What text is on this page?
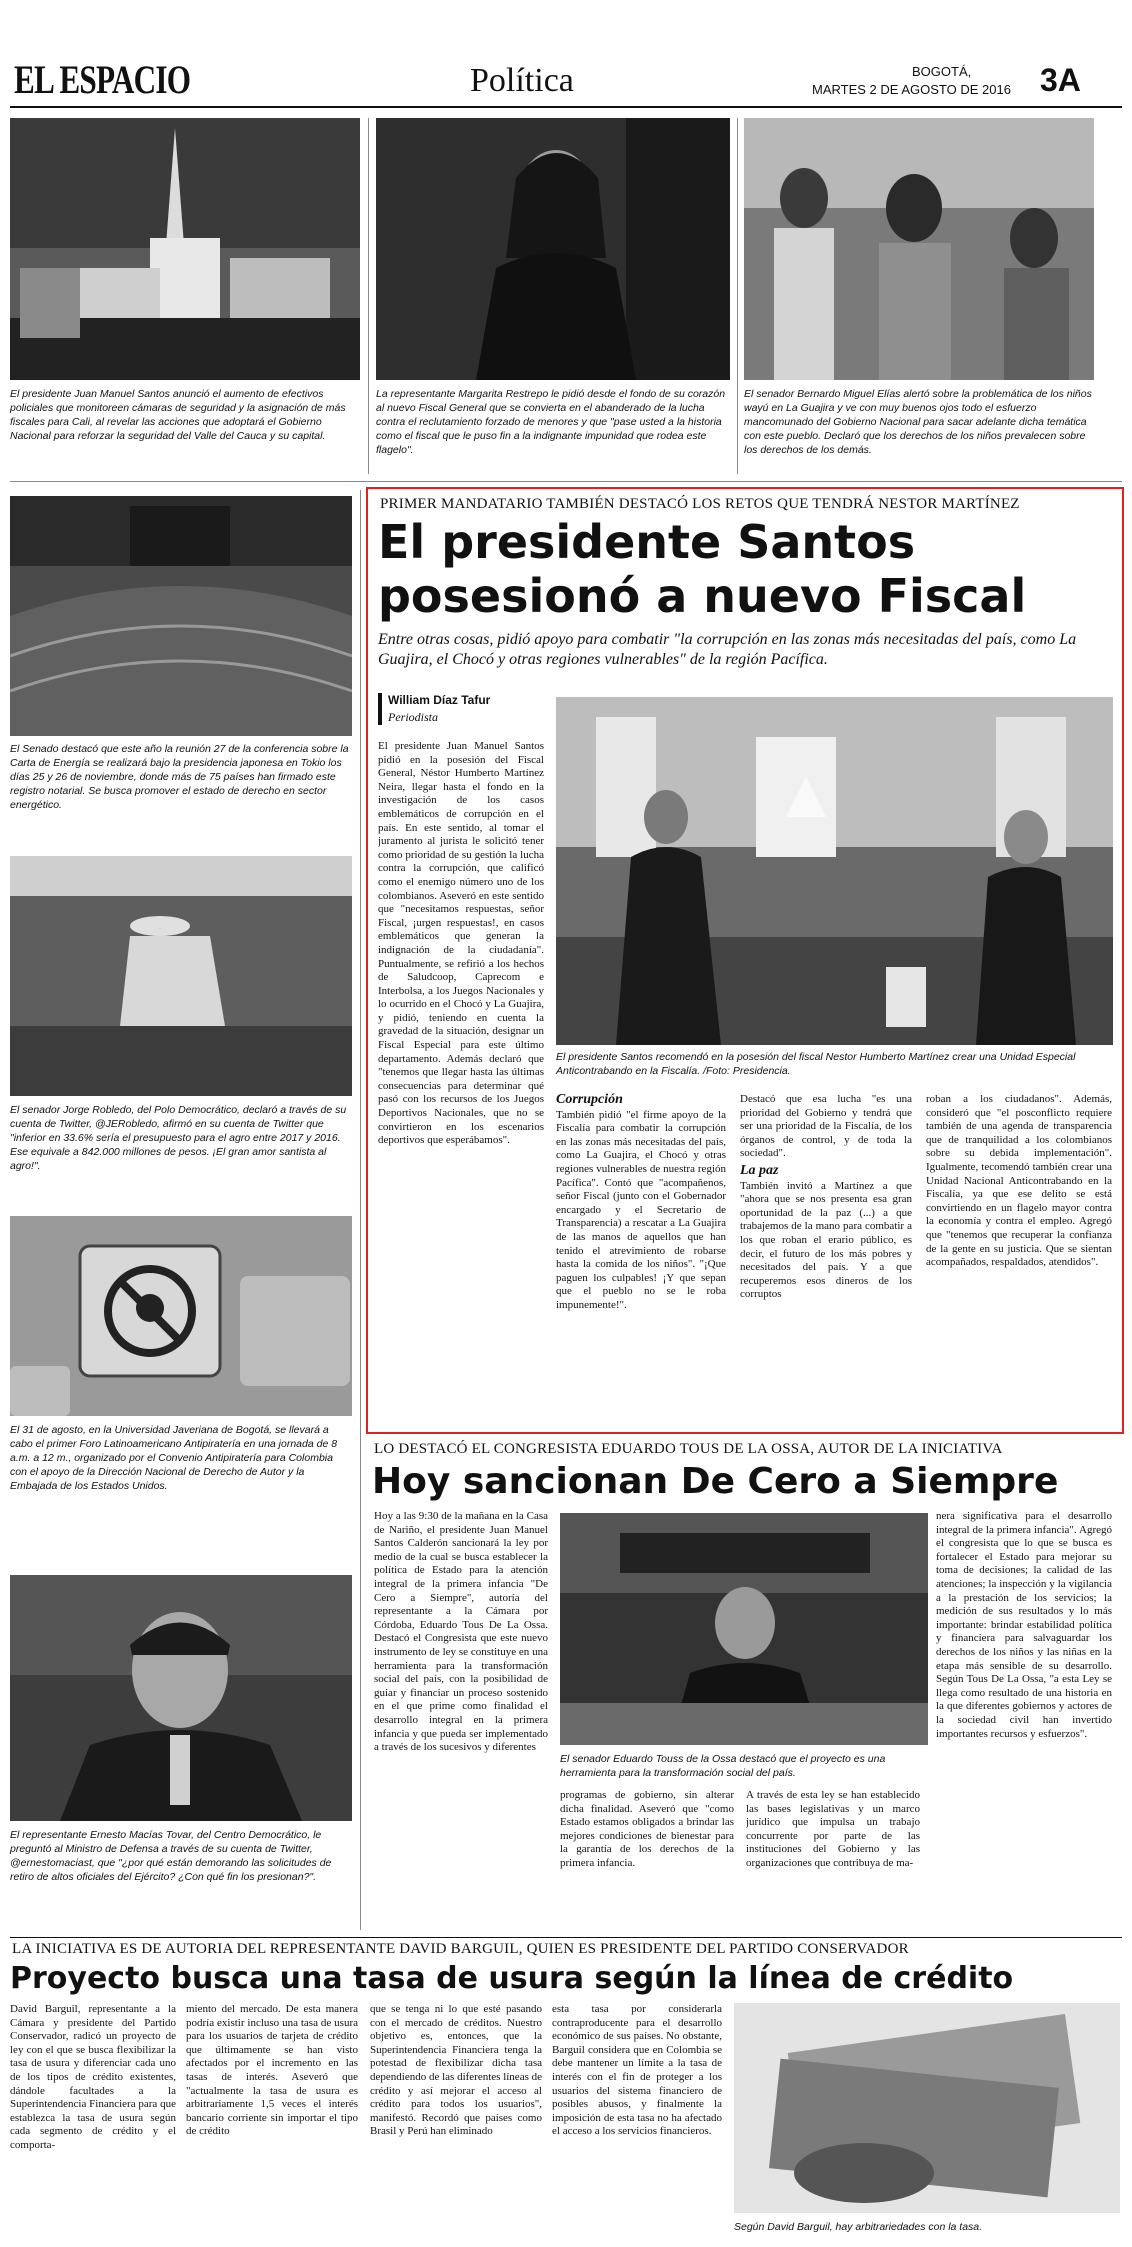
EL ESPACIO	Política	BOGOTÁ,
MARTES 2 DE AGOSTO DE 2016 3A

El presidente Juan Manuel Santos anunció el aumento de efectivos policiales que monitoreen cámaras de seguridad y la asignación de más fiscales para Cali, al revelar las acciones que adoptará el Gobierno Nacional para reforzar la seguridad del Valle del Cauca y su capital.

La representante Margarita Restrepo le pidió desde el fondo de su corazón al nuevo Fiscal General que se convierta en el abanderado de la lucha contra el reclutamiento forzado de menores y que "pase usted a la historia como el fiscal que le puso fin a la indignante impunidad que rodea este flagelo".

El senador Bernardo Miguel Elías alertó sobre la problemática de los niños wayú en La Guajira y ve con muy buenos ojos todo el esfuerzo mancomunado del Gobierno Nacional para sacar adelante dicha temática con este pueblo. Declaró que los derechos de los niños prevalecen sobre los derechos de los demás.

El Senado destacó que este año la reunión 27 de la conferencia sobre la Carta de Energía se realizará bajo la presidencia japonesa en Tokio los días 25 y 26 de noviembre, donde más de 75 países han firmado este registro notarial. Se busca promover el estado de derecho en sector energético.

El senador Jorge Robledo, del Polo Democrático, declaró a través de su cuenta de Twitter, @JERobledo, afirmó en su cuenta de Twitter que "inferior en 33.6% sería el presupuesto para el agro entre 2017 y 2016. Ese equivale a 842.000 millones de pesos. ¡El gran amor santista al agro!".

El 31 de agosto, en la Universidad Javeriana de Bogotá, se llevará a cabo el primer Foro Latinoamericano Antipiratería en una jornada de 8 a.m. a 12 m., organizado por el Convenio Antipiratería para Colombia con el apoyo de la Dirección Nacional de Derecho de Autor y la Embajada de los Estados Unidos.

El representante Ernesto Macías Tovar, del Centro Democrático, le preguntó al Ministro de Defensa a través de su cuenta de Twitter, @ernestomaciast, que "¿por qué están demorando las solicitudes de retiro de altos oficiales del Ejército? ¿Con qué fin los presionan?".

PRIMER MANDATARIO TAMBIÉN DESTACÓ LOS RETOS QUE TENDRÁ NESTOR MARTÍNEZ

El presidente Santos
posesionó a nuevo Fiscal

Entre otras cosas, pidió apoyo para combatir "la corrupción en las zonas más necesitadas del país, como La Guajira, el Chocó y otras regiones vulnerables" de la región Pacífica.

William Díaz Tafur
Periodista

El presidente Juan Manuel Santos pidió en la posesión del Fiscal General, Néstor Humberto Martínez Neira, llegar hasta el fondo en la investigación de los casos emblemáticos de corrupción en el país. En este sentido, al tomar el juramento al jurista le solicitó tener como prioridad de su gestión la lucha contra la corrupción, que calificó como el enemigo número uno de los colombianos. Aseveró en este sentido que "necesitamos respuestas, señor Fiscal, ¡urgen respuestas!, en casos emblemáticos que generan la indignación de la ciudadanía". Puntualmente, se refirió a los hechos de Saludcoop, Caprecom e Interbolsa, a los Juegos Nacionales y lo ocurrido en el Chocó y La Guajira, y pidió, teniendo en cuenta la gravedad de la situación, designar un Fiscal Especial para este último departamento. Además declaró que "tenemos que llegar hasta las últimas consecuencias para determinar qué pasó con los recursos de los Juegos Deportivos Nacionales, que no se convirtieron en los escenarios deportivos que esperábamos".

El presidente Santos recomendó en la posesión del fiscal Nestor Humberto Martínez crear una Unidad Especial Anticontrabando en la Fiscalía. /Foto: Presidencia.

Corrupción

También pidió "el firme apoyo de la Fiscalía para combatir la corrupción en las zonas más necesitadas del país, como La Guajira, el Chocó y otras regiones vulnerables de nuestra región Pacífica". Contó que "acompañenos, señor Fiscal (junto con el Gobernador encargado y el Secretario de Transparencia) a rescatar a La Guajira de las manos de aquellos que han tenido el atrevimiento de robarse hasta la comida de los niños". "¡Que paguen los culpables! ¡Y que sepan que el pueblo no se le roba impunemente!".

Destacó que esa lucha "es una prioridad del Gobierno y tendrá que ser una prioridad de la Fiscalía, de los órganos de control, y de toda la sociedad".

La paz

También invitó a Martínez a que "ahora que se nos presenta esa gran oportunidad de la paz (...) a que trabajemos de la mano para combatir a los que roban el erario público, es decir, el futuro de los más pobres y necesitados del país. Y a que recuperemos esos dineros de los corruptos

roban a los ciudadanos". Además, consideró que "el posconflicto requiere también de una agenda de transparencia que de tranquilidad a los colombianos sobre su debida implementación". Igualmente, tecomendó también crear una Unidad Nacional Anticontrabando en la Fiscalía, ya que ese delito se está convirtiendo en un flagelo mayor contra la economía y contra el empleo. Agregó que "tenemos que recuperar la confianza de la gente en su justicia. Que se sientan acompañados, respaldados, atendidos".

LO DESTACÓ EL CONGRESISTA EDUARDO TOUS DE LA OSSA, AUTOR DE LA INICIATIVA

Hoy sancionan De Cero a Siempre

Hoy a las 9:30 de la mañana en la Casa de Nariño, el presidente Juan Manuel Santos Calderón sancionará la ley por medio de la cual se busca establecer la política de Estado para la atención integral de la primera infancia "De Cero a Siempre", autoría del representante a la Cámara por Córdoba, Eduardo Tous De La Ossa. Destacó el Congresista que este nuevo instrumento de ley se constituye en una herramienta para la transformación social del país, con la posibilidad de guiar y financiar un proceso sostenido en el que prime como finalidad el desarrollo integral en la primera infancia y que pueda ser implementado a través de los sucesivos y diferentes

El senador Eduardo Touss de la Ossa destacó que el proyecto es una herramienta para la transformación social del país.

programas de gobierno, sin alterar dicha finalidad. Aseveró que "como Estado estamos obligados a brindar las mejores condiciones de bienestar para la garantía de los derechos de la primera infancia.

A través de esta ley se han establecido las bases legislativas y un marco jurídico que impulsa un trabajo concurrente por parte de las instituciones del Gobierno y las organizaciones que contribuya de ma-

nera significativa para el desarrollo integral de la primera infancia". Agregó el congresista que lo que se busca es fortalecer el Estado para mejorar su toma de decisiones; la calidad de las atenciones; la inspección y la vigilancia a la prestación de los servicios; la medición de sus resultados y lo más importante: brindar estabilidad política y financiera para salvaguardar los derechos de los niños y las niñas en la etapa más sensible de su desarrollo. Según Tous De La Ossa, "a esta Ley se llega como resultado de una historia en la que diferentes gobiernos y actores de la sociedad civil han invertido importantes recursos y esfuerzos".

LA INICIATIVA ES DE AUTORIA DEL REPRESENTANTE DAVID BARGUIL, QUIEN ES PRESIDENTE DEL PARTIDO CONSERVADOR

Proyecto busca una tasa de usura según la línea de crédito

David Barguil, representante a la Cámara y presidente del Partido Conservador, radicó un proyecto de ley con el que se busca flexibilizar la tasa de usura y diferenciar cada uno de los tipos de crédito existentes, dándole facultades a la Superintendencia Financiera para que establezca la tasa de usura según cada segmento de crédito y el comporta-

miento del mercado. De esta manera podría existir incluso una tasa de usura para los usuarios de tarjeta de crédito que últimamente se han visto afectados por el incremento en las tasas de interés. Aseveró que "actualmente la tasa de usura es arbitrariamente 1,5 veces el interés bancario corriente sin importar el tipo de crédito

que se tenga ni lo que esté pasando con el mercado de créditos. Nuestro objetivo es, entonces, que la Superintendencia Financiera tenga la potestad de flexibilizar dicha tasa dependiendo de las diferentes líneas de crédito y así mejorar el acceso al crédito para todos los usuarios", manifestó. Recordó que países como Brasil y Perú han eliminado

esta tasa por considerarla contraproducente para el desarrollo económico de sus países. No obstante, Barguil considera que en Colombia se debe mantener un límite a la tasa de interés con el fin de proteger a los usuarios del sistema financiero de posibles abusos, y finalmente la imposición de esta tasa no ha afectado el acceso a los servicios financieros.

Según David Barguil, hay arbitrariedades con la tasa.
